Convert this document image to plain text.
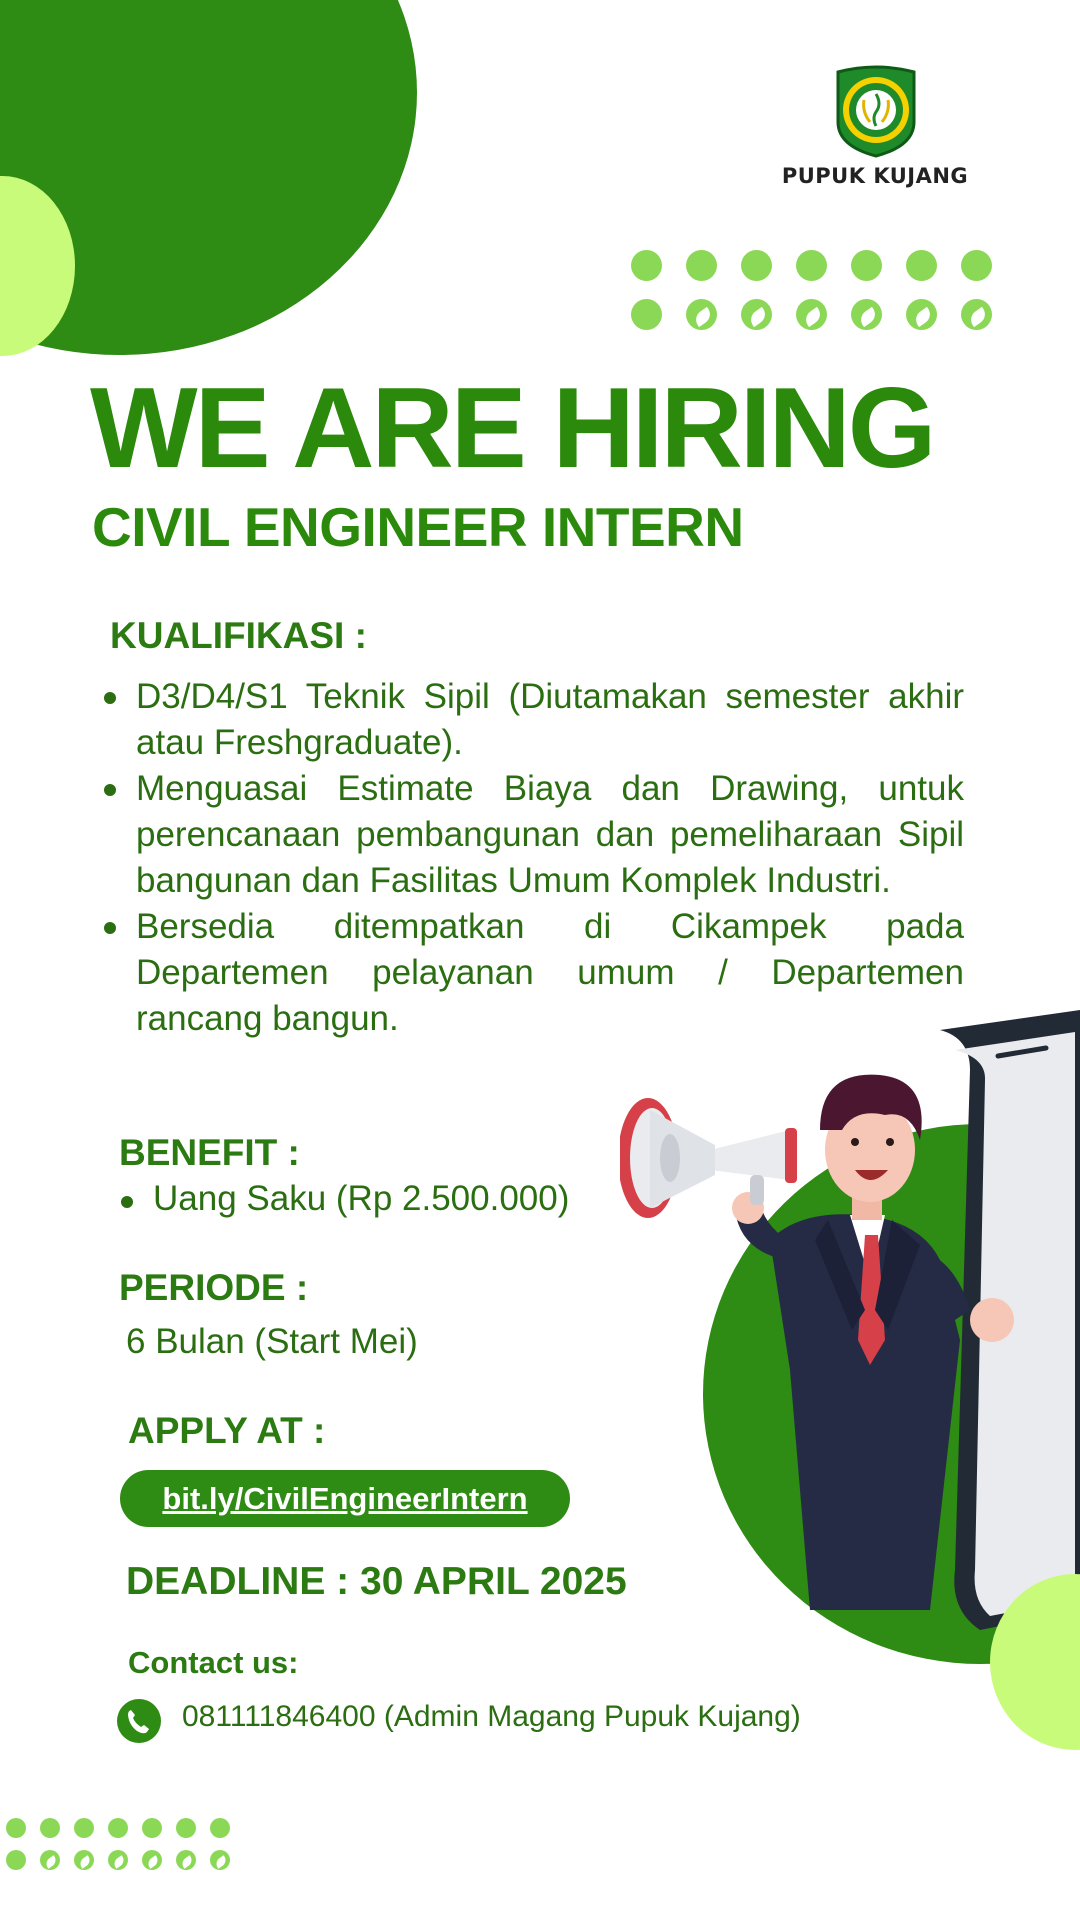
PUPUK KUJANG
WE ARE HIRING
CIVIL ENGINEER INTERN
KUALIFIKASI :
D3/D4/S1 Teknik Sipil (Diutamakan semester akhir atau Freshgraduate).
Menguasai Estimate Biaya dan Drawing, untuk perencanaan pembangunan dan pemeliharaan Sipil bangunan dan Fasilitas Umum Komplek Industri.
Bersedia ditempatkan di Cikampek pada Departemen pelayanan umum / Departemen rancang bangun.
BENEFIT :
Uang Saku (Rp 2.500.000)
PERIODE :
6 Bulan (Start Mei)
APPLY AT :
bit.ly/CivilEngineerIntern
DEADLINE : 30 APRIL 2025
Contact us:
081111846400 (Admin Magang Pupuk Kujang)
